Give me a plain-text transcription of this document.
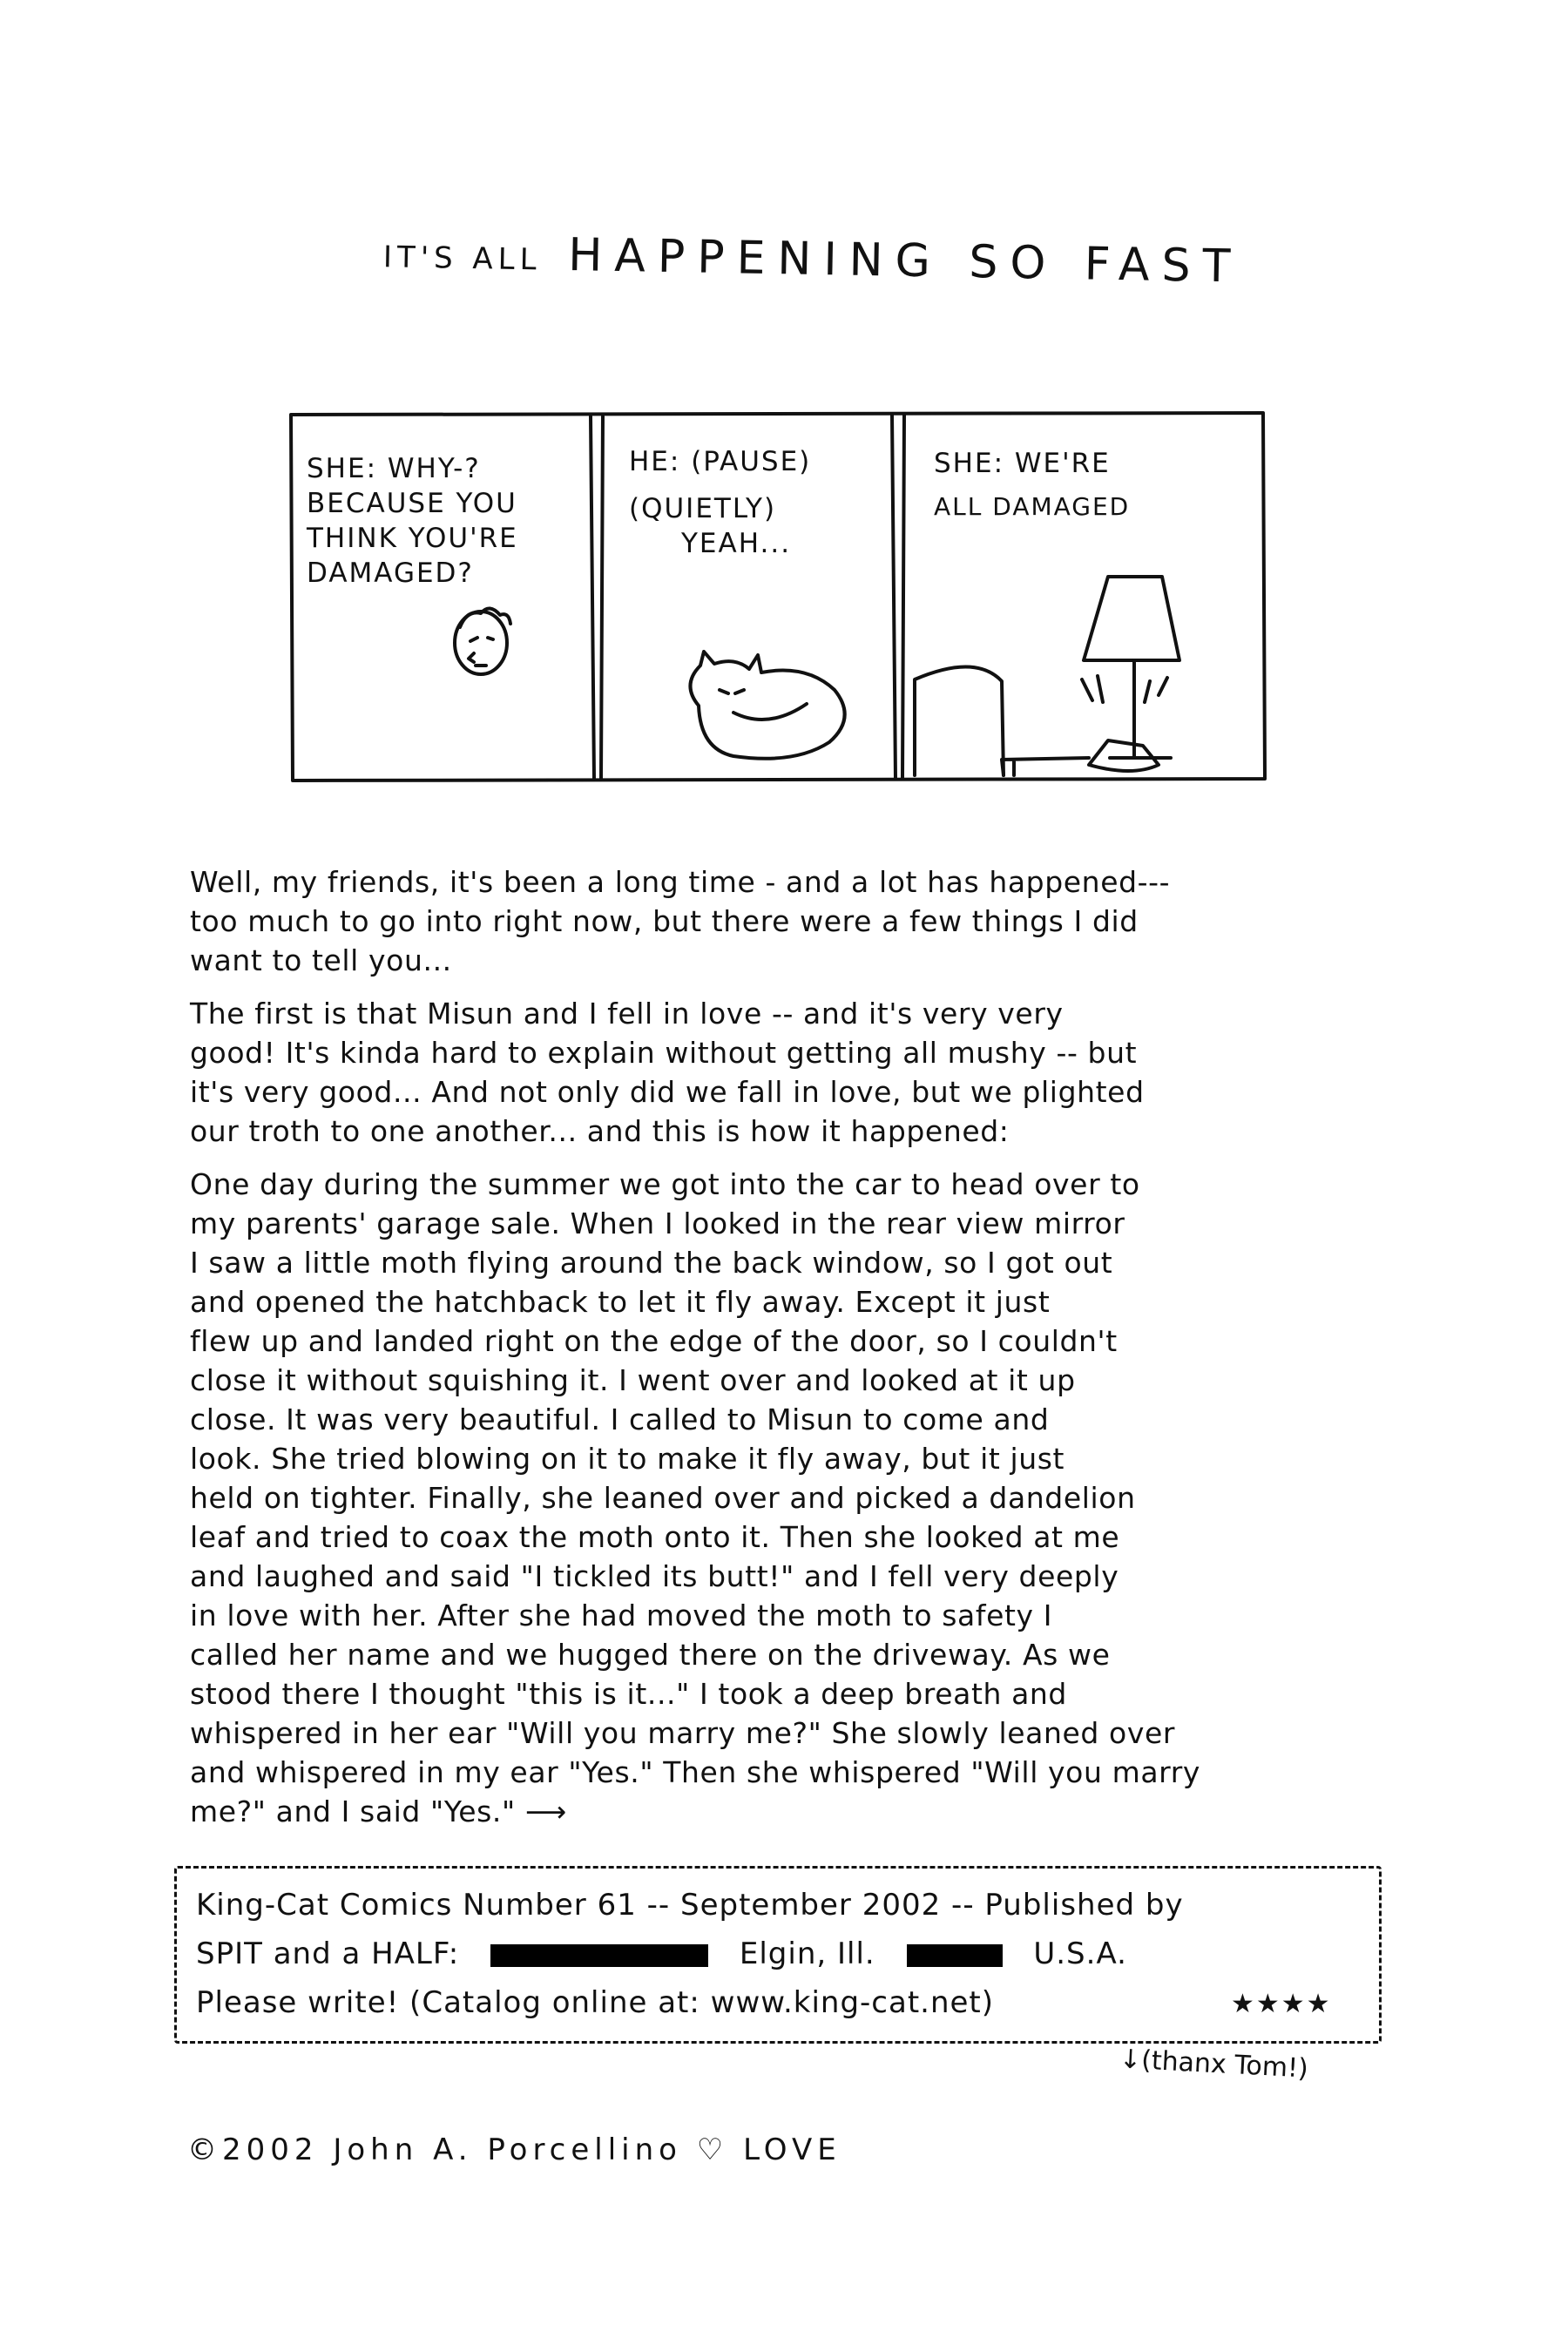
IT'S ALL HAPPENING SO FAST
SHE: WHY-?
BECAUSE YOU
THINK YOU'RE
DAMAGED?
HE: (PAUSE)
(QUIETLY)
YEAH...
SHE: WE'RE
ALL DAMAGED

Well, my friends, it's been a long time - and a lot has happened---
too much to go into right now, but there were a few things I did
want to tell you...

The first is that Misun and I fell in love -- and it's very very
good! It's kinda hard to explain without getting all mushy -- but
it's very good... And not only did we fall in love, but we plighted
our troth to one another... and this is how it happened:

One day during the summer we got into the car to head over to
my parents' garage sale. When I looked in the rear view mirror
I saw a little moth flying around the back window, so I got out
and opened the hatchback to let it fly away. Except it just
flew up and landed right on the edge of the door, so I couldn't
close it without squishing it. I went over and looked at it up
close. It was very beautiful. I called to Misun to come and
look. She tried blowing on it to make it fly away, but it just
held on tighter. Finally, she leaned over and picked a dandelion
leaf and tried to coax the moth onto it. Then she looked at me
and laughed and said "I tickled its butt!" and I fell very deeply
in love with her. After she had moved the moth to safety I
called her name and we hugged there on the driveway. As we
stood there I thought "this is it..." I took a deep breath and
whispered in her ear "Will you marry me?" She slowly leaned over
and whispered in my ear "Yes." Then she whispered "Will you marry
me?" and I said "Yes." ⟶

King-Cat Comics Number 61 -- September 2002 -- Published by
SPIT and a HALF:	Elgin, Ill.	U.S.A.
Please write! (Catalog online at: www.king-cat.net)	★★★★
↓(thanx Tom!)
©2002 John A. Porcellino ♡ LOVE
